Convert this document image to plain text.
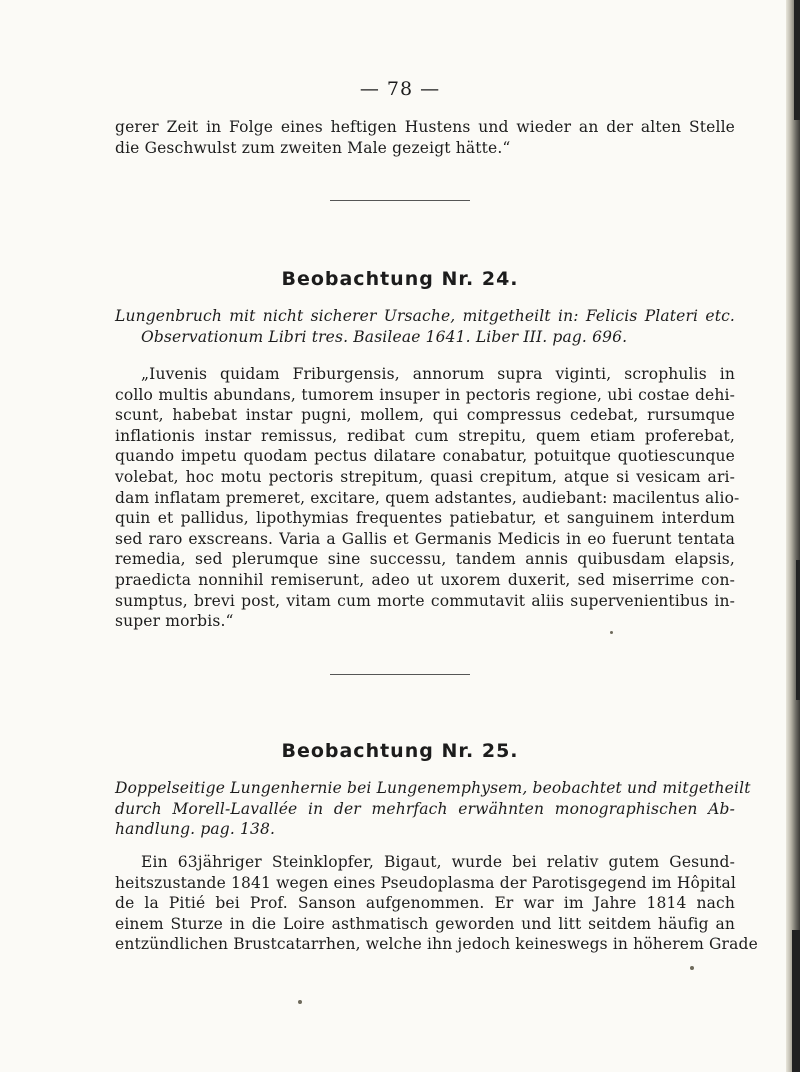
— 78 —
gerer Zeit in Folge eines heftigen Hustens und wieder an der alten Stelle
die Geschwulst zum zweiten Male gezeigt hätte.“
Beobachtung Nr. 24.
Lungenbruch mit nicht sicherer Ursache, mitgetheilt in: Felicis Plateri etc.
Observationum Libri tres. Basileae 1641. Liber III. pag. 696.
„Iuvenis quidam Friburgensis, annorum supra viginti, scrophulis in
collo multis abundans, tumorem insuper in pectoris regione, ubi costae dehi-
scunt, habebat instar pugni, mollem, qui compressus cedebat, rursumque
inflationis instar remissus, redibat cum strepitu, quem etiam proferebat,
quando impetu quodam pectus dilatare conabatur, potuitque quotiescunque
volebat, hoc motu pectoris strepitum, quasi crepitum, atque si vesicam ari-
dam inflatam premeret, excitare, quem adstantes, audiebant: macilentus alio-
quin et pallidus, lipothymias frequentes patiebatur, et sanguinem interdum
sed raro exscreans. Varia a Gallis et Germanis Medicis in eo fuerunt tentata
remedia, sed plerumque sine successu, tandem annis quibusdam elapsis,
praedicta nonnihil remiserunt, adeo ut uxorem duxerit, sed miserrime con-
sumptus, brevi post, vitam cum morte commutavit aliis supervenientibus in-
super morbis.“
Beobachtung Nr. 25.
Doppelseitige Lungenhernie bei Lungenemphysem, beobachtet und mitgetheilt
durch Morell-Lavallée in der mehrfach erwähnten monographischen Ab-
handlung. pag. 138.
Ein 63jähriger Steinklopfer, Bigaut, wurde bei relativ gutem Gesund-
heitszustande 1841 wegen eines Pseudoplasma der Parotisgegend im Hôpital
de la Pitié bei Prof. Sanson aufgenommen. Er war im Jahre 1814 nach
einem Sturze in die Loire asthmatisch geworden und litt seitdem häufig an
entzündlichen Brustcatarrhen, welche ihn jedoch keineswegs in höherem Grade
